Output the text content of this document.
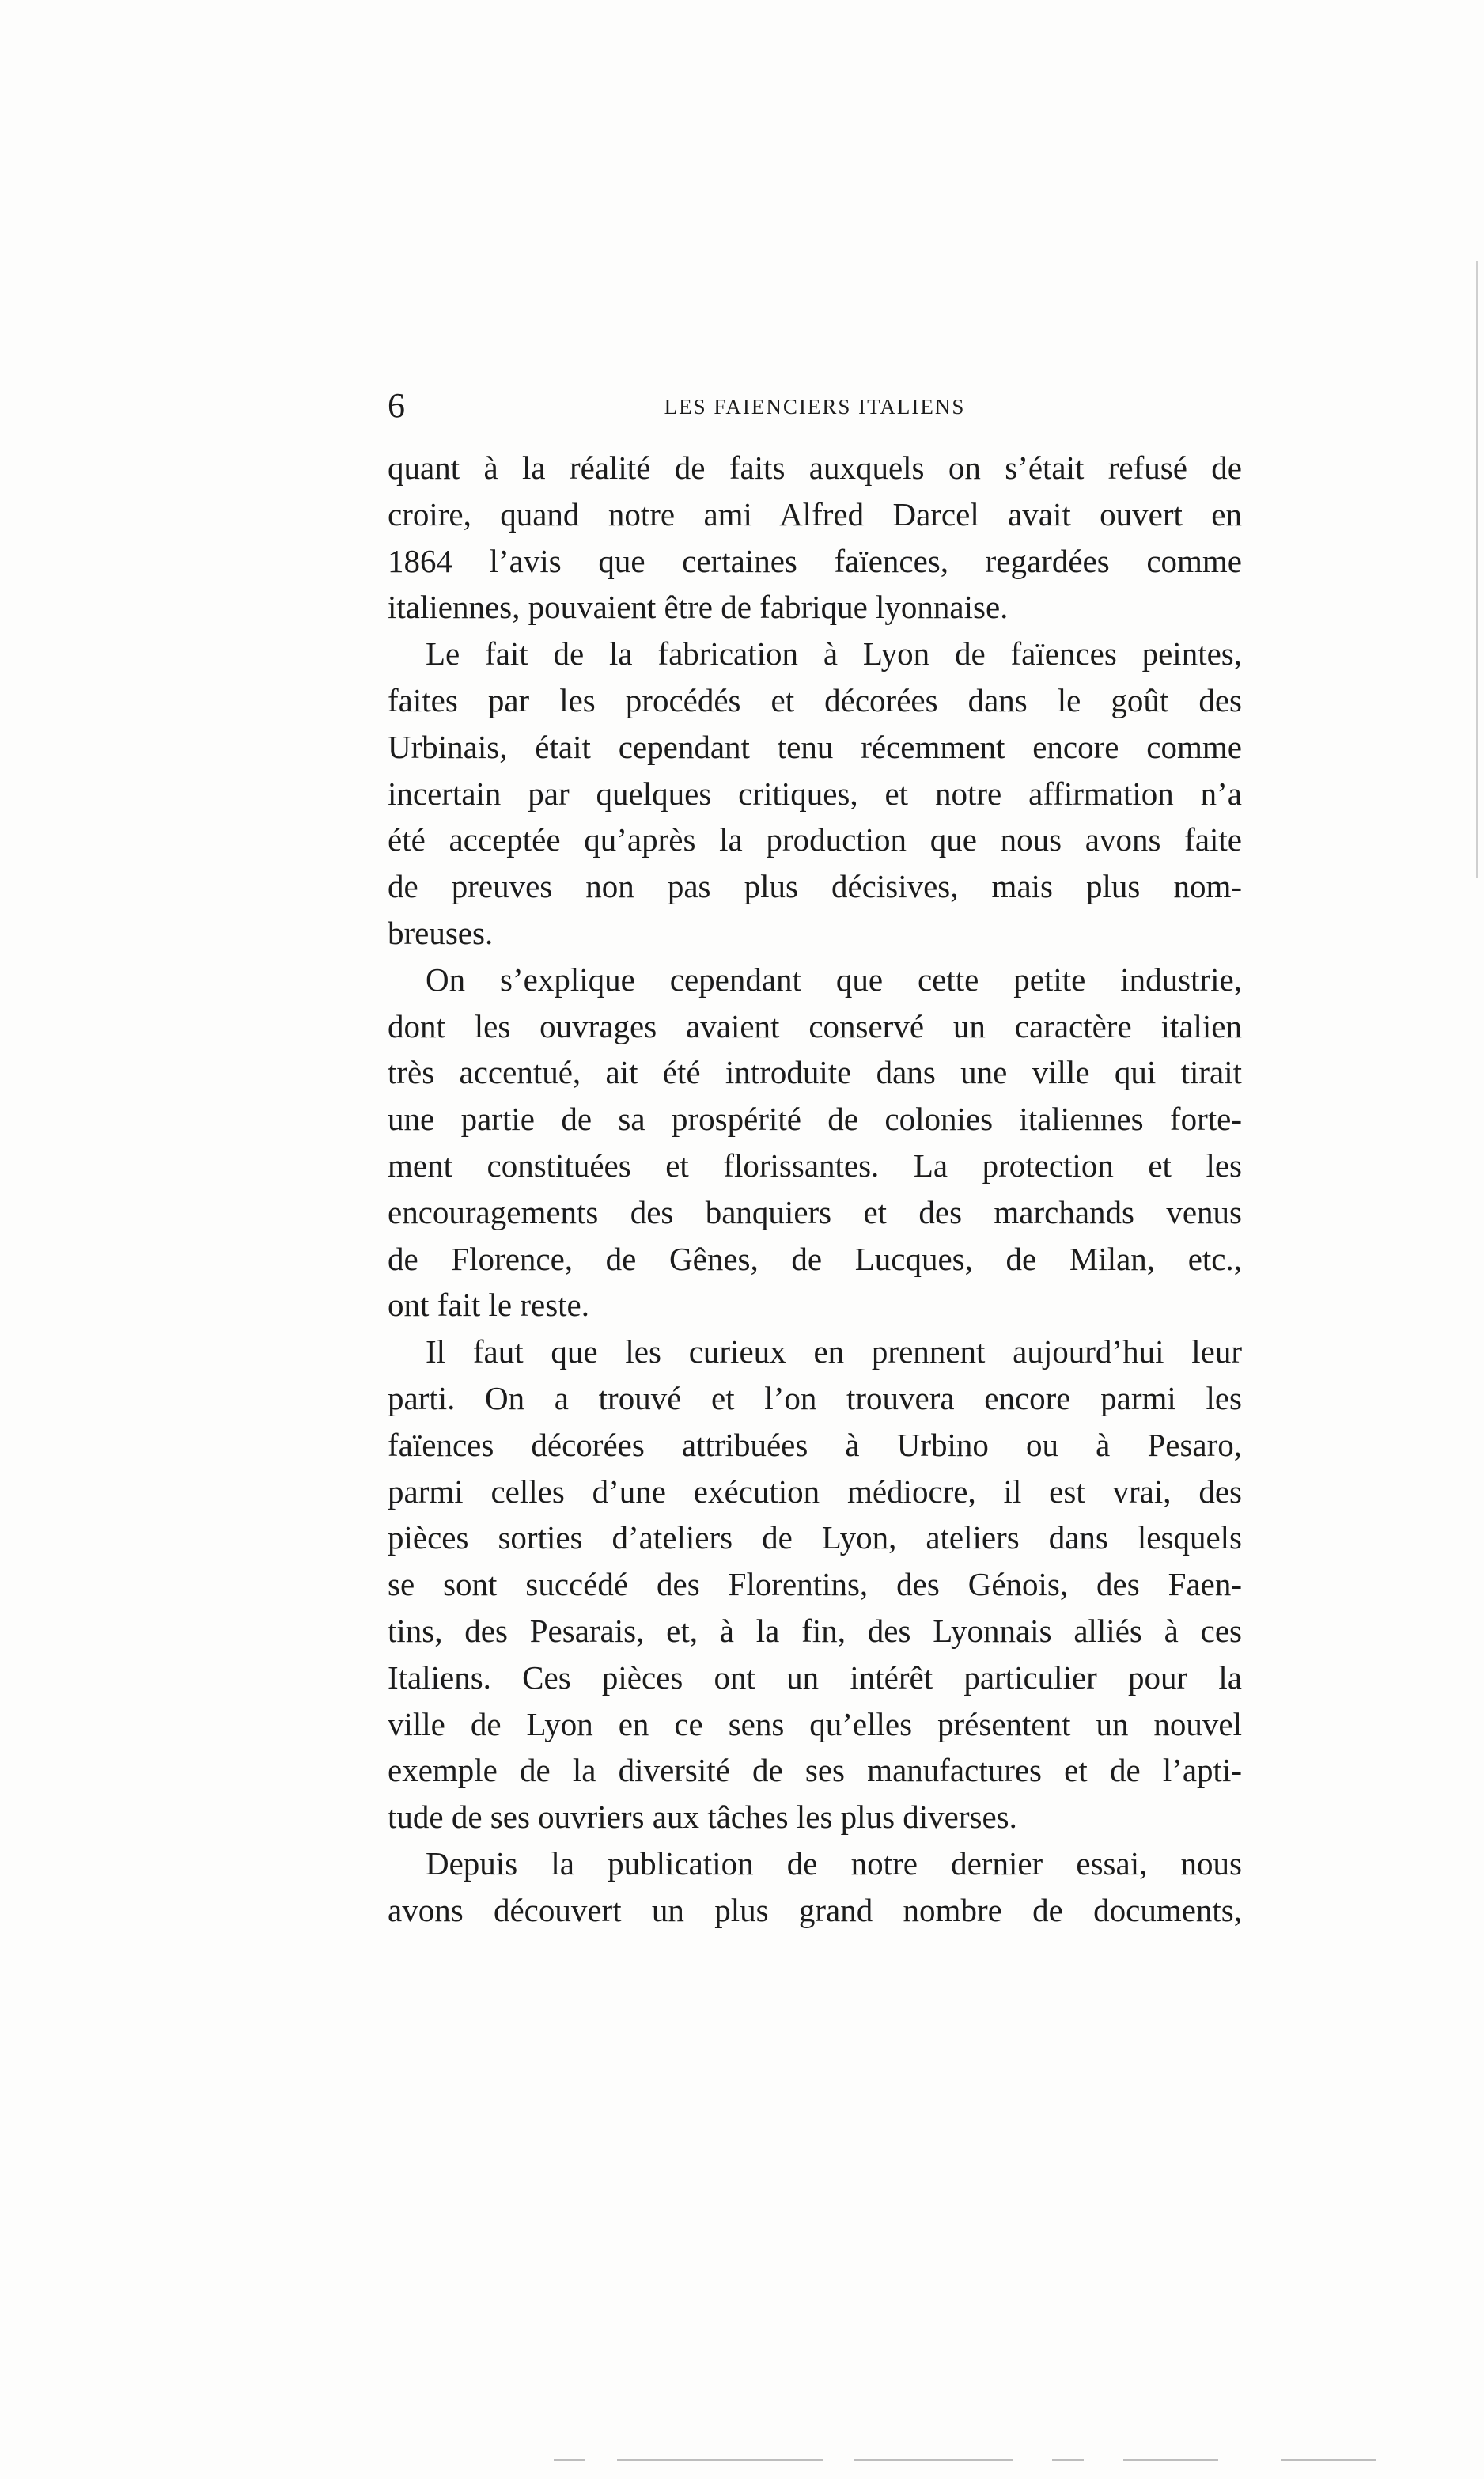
6	LES FAIENCIERS ITALIENS

quant à la réalité de faits auxquels on s’était refusé de
croire, quand notre ami Alfred Darcel avait ouvert en
1864 l’avis que certaines faïences, regardées comme
italiennes, pouvaient être de fabrique lyonnaise.

Le fait de la fabrication à Lyon de faïences peintes,
faites par les procédés et décorées dans le goût des
Urbinais, était cependant tenu récemment encore comme
incertain par quelques critiques, et notre affirmation n’a
été acceptée qu’après la production que nous avons faite
de preuves non pas plus décisives, mais plus nom-
breuses.

On s’explique cependant que cette petite industrie,
dont les ouvrages avaient conservé un caractère italien
très accentué, ait été introduite dans une ville qui tirait
une partie de sa prospérité de colonies italiennes forte-
ment constituées et florissantes. La protection et les
encouragements des banquiers et des marchands venus
de Florence, de Gênes, de Lucques, de Milan, etc.,
ont fait le reste.

Il faut que les curieux en prennent aujourd’hui leur
parti. On a trouvé et l’on trouvera encore parmi les
faïences décorées attribuées à Urbino ou à Pesaro,
parmi celles d’une exécution médiocre, il est vrai, des
pièces sorties d’ateliers de Lyon, ateliers dans lesquels
se sont succédé des Florentins, des Génois, des Faen-
tins, des Pesarais, et, à la fin, des Lyonnais alliés à ces
Italiens. Ces pièces ont un intérêt particulier pour la
ville de Lyon en ce sens qu’elles présentent un nouvel
exemple de la diversité de ses manufactures et de l’apti-
tude de ses ouvriers aux tâches les plus diverses.

Depuis la publication de notre dernier essai, nous
avons découvert un plus grand nombre de documents,
